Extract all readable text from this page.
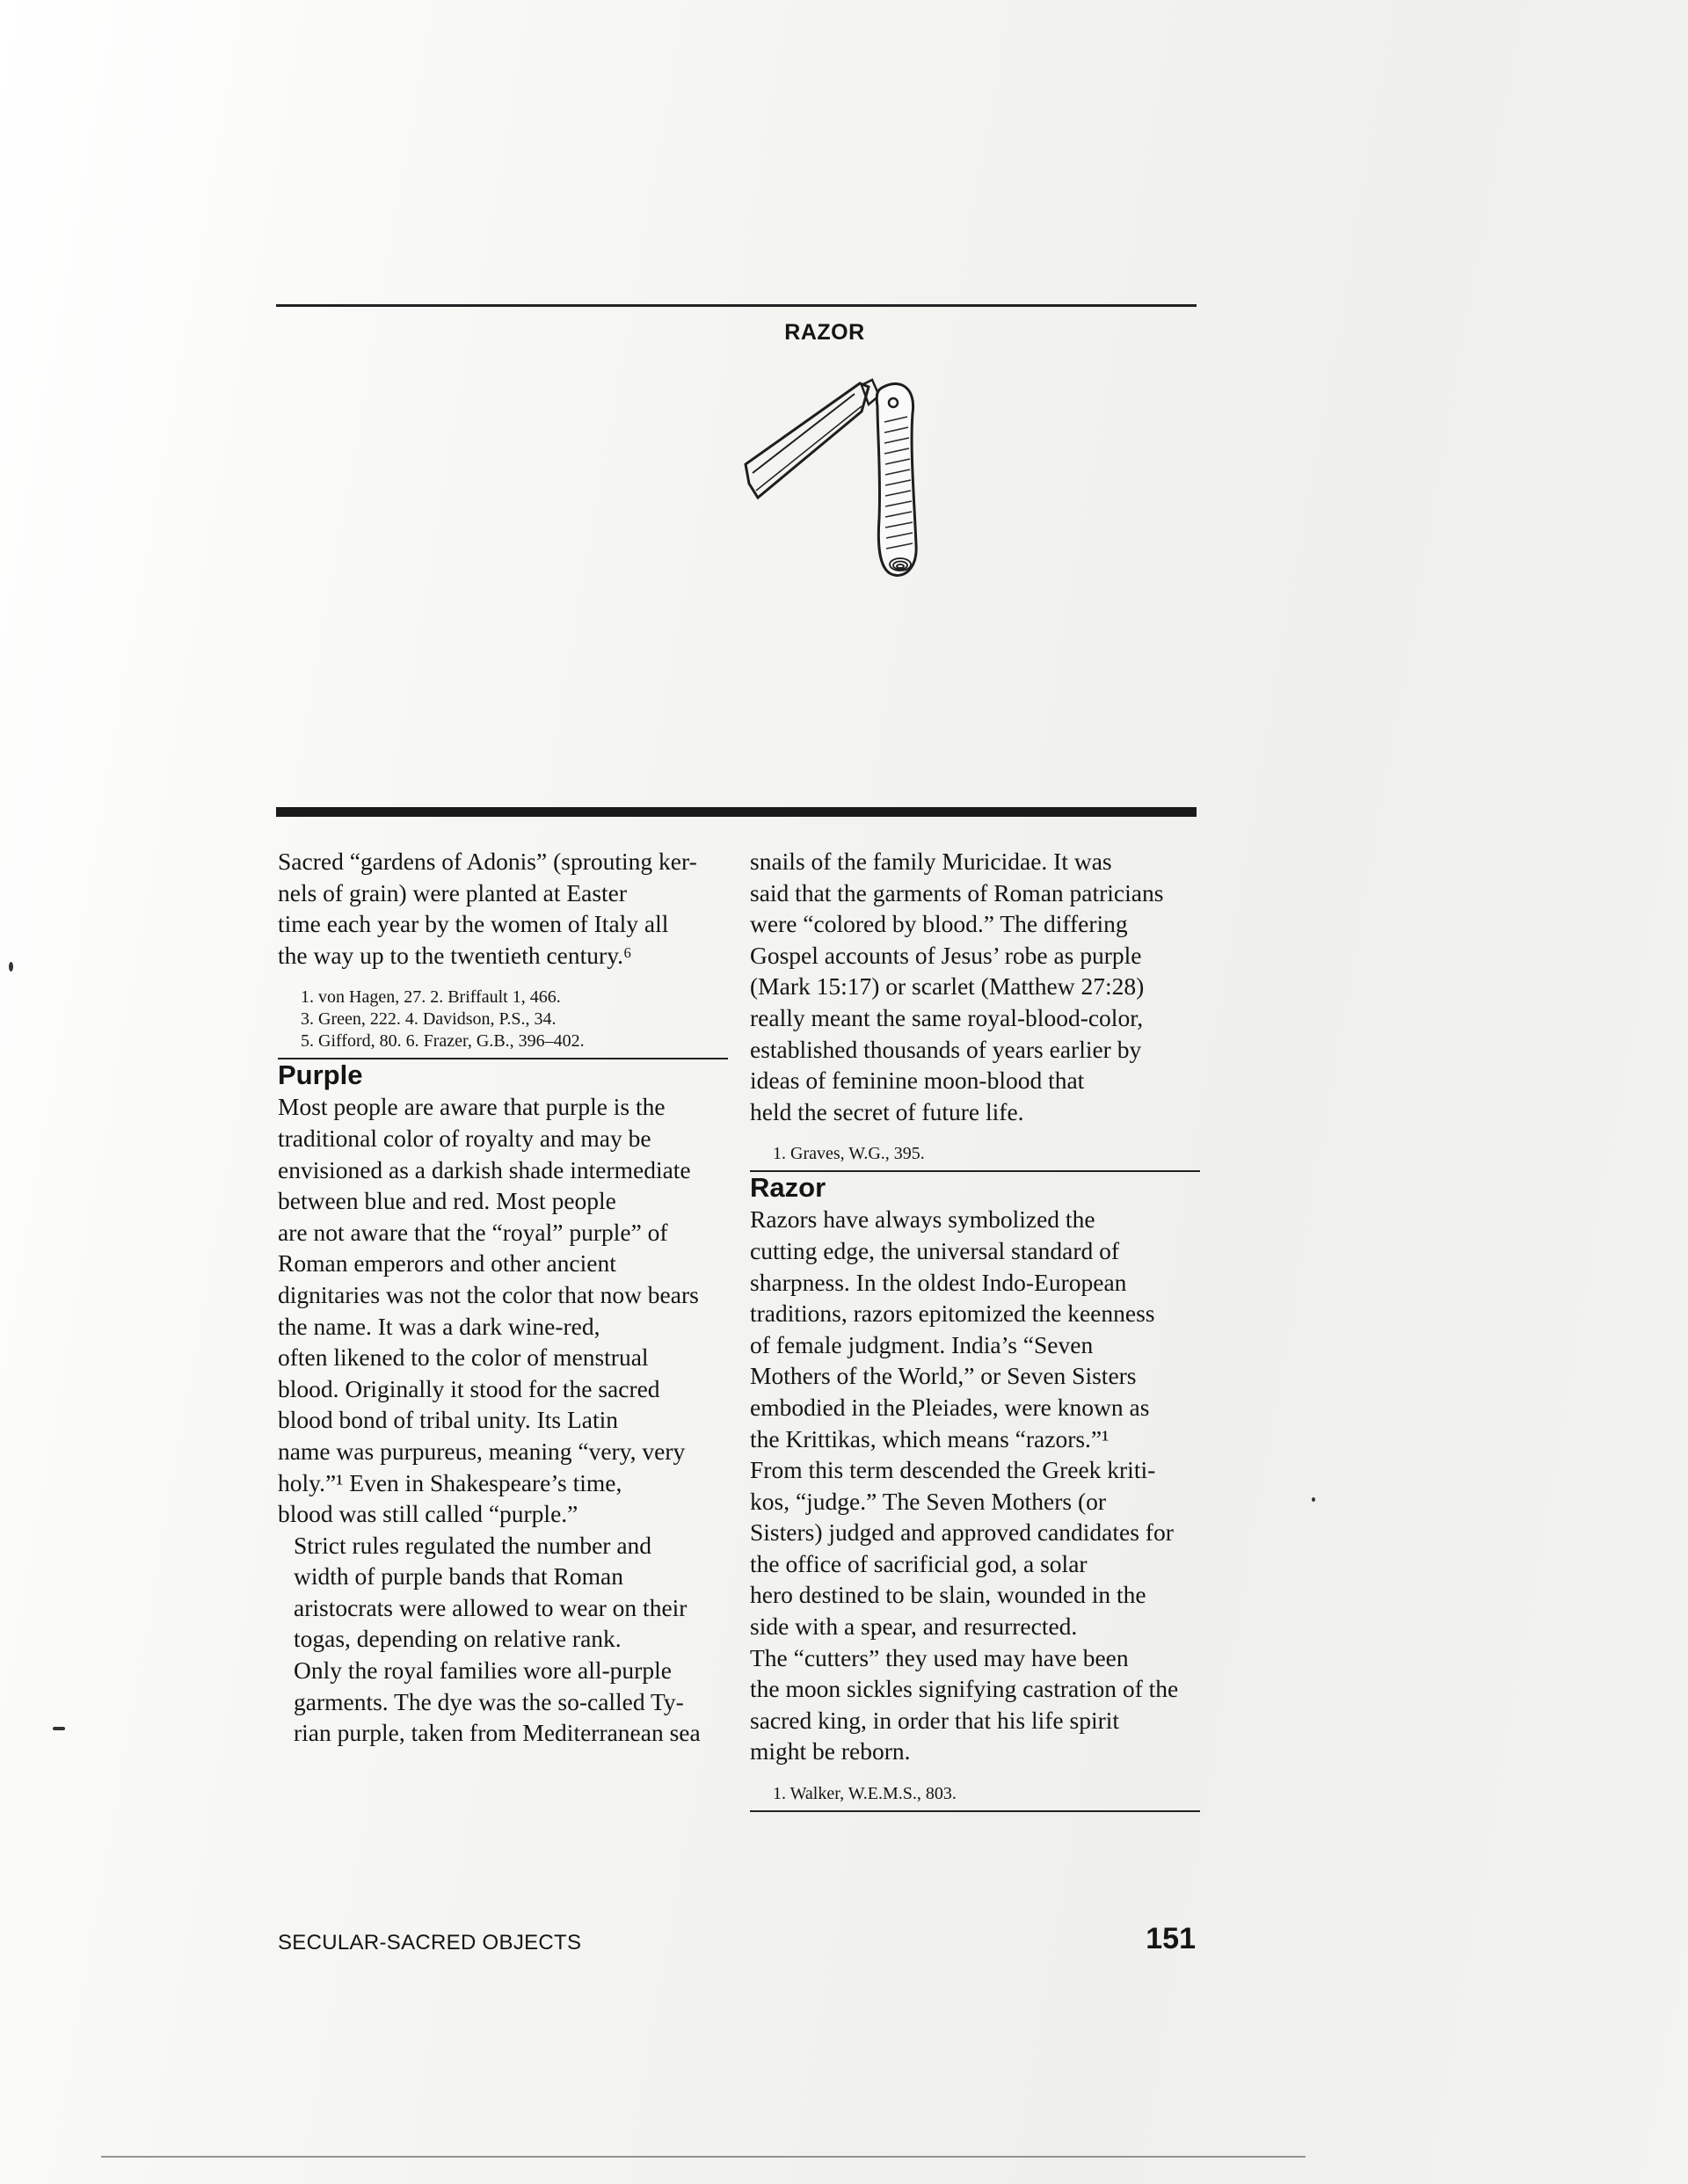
RAZOR

Sacred “gardens of Adonis” (sprouting ker-
nels of grain) were planted at Easter
time each year by the women of Italy all
the way up to the twentieth century.⁶

1. von Hagen, 27. 2. Briffault 1, 466.
3. Green, 222. 4. Davidson, P.S., 34.
5. Gifford, 80. 6. Frazer, G.B., 396–402.
Purple

Most people are aware that purple is the
traditional color of royalty and may be
envisioned as a darkish shade intermediate
between blue and red. Most people
are not aware that the “royal” purple” of
Roman emperors and other ancient
dignitaries was not the color that now bears
the name. It was a dark wine-red,
often likened to the color of menstrual
blood. Originally it stood for the sacred
blood bond of tribal unity. Its Latin
name was purpureus, meaning “very, very
holy.”¹ Even in Shakespeare’s time,
blood was still called “purple.”

Strict rules regulated the number and
width of purple bands that Roman
aristocrats were allowed to wear on their
togas, depending on relative rank.
Only the royal families wore all-purple
garments. The dye was the so-called Ty-
rian purple, taken from Mediterranean sea

snails of the family Muricidae. It was
said that the garments of Roman patricians
were “colored by blood.” The differing
Gospel accounts of Jesus’ robe as purple
(Mark 15:17) or scarlet (Matthew 27:28)
really meant the same royal-blood-color,
established thousands of years earlier by
ideas of feminine moon-blood that
held the secret of future life.

1. Graves, W.G., 395.
Razor

Razors have always symbolized the
cutting edge, the universal standard of
sharpness. In the oldest Indo-European
traditions, razors epitomized the keenness
of female judgment. India’s “Seven
Mothers of the World,” or Seven Sisters
embodied in the Pleiades, were known as
the Krittikas, which means “razors.”¹
From this term descended the Greek kriti-
kos, “judge.” The Seven Mothers (or
Sisters) judged and approved candidates for
the office of sacrificial god, a solar
hero destined to be slain, wounded in the
side with a spear, and resurrected.
The “cutters” they used may have been
the moon sickles signifying castration of the
sacred king, in order that his life spirit
might be reborn.

1. Walker, W.E.M.S., 803.
SECULAR-SACRED OBJECTS	151
